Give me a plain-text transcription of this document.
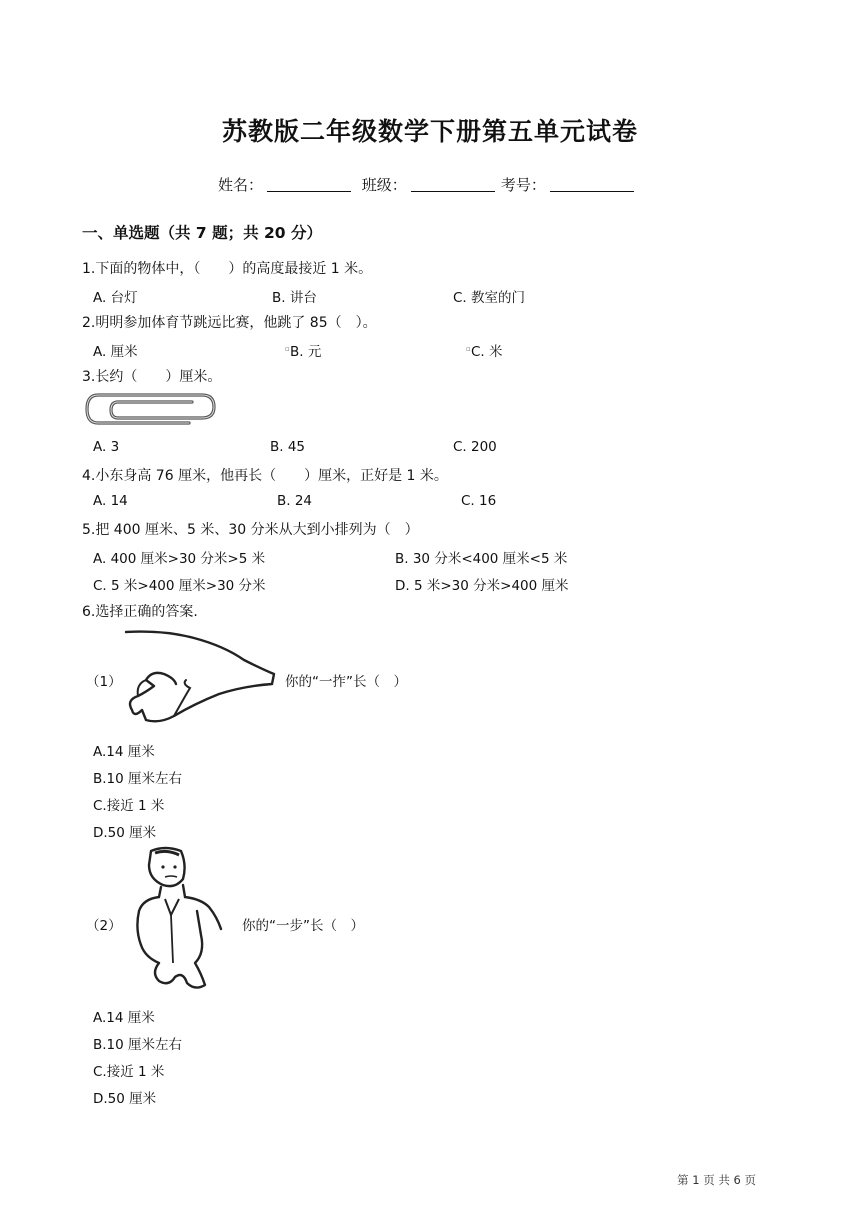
苏教版二年级数学下册第五单元试卷
姓名：	班级：	考号：
一、单选题（共 7 题；共 20 分）
1.下面的物体中，（　　）的高度最接近 1 米。
A. 台灯	B. 讲台	C. 教室的门
2.明明参加体育节跳远比赛，他跳了 85（　）。
A. 厘米	▫ B. 元	▫ C. 米
3.长约（　　）厘米。
A. 3	B. 45	C. 200
4.小东身高 76 厘米，他再长（　　）厘米，正好是 1 米。
A. 14	B. 24	C. 16
5.把 400 厘米、5 米、30 分米从大到小排列为（　）
A. 400 厘米>30 分米>5 米	B. 30 分米<400 厘米<5 米
C. 5 米>400 厘米>30 分米	D. 5 米>30 分米>400 厘米
6.选择正确的答案.
（1）	你的“一拃”长（　）
A.14 厘米
B.10 厘米左右
C.接近 1 米
D.50 厘米
（2）	你的“一步”长（　）
A.14 厘米
B.10 厘米左右
C.接近 1 米
D.50 厘米
第 1 页 共 6 页
